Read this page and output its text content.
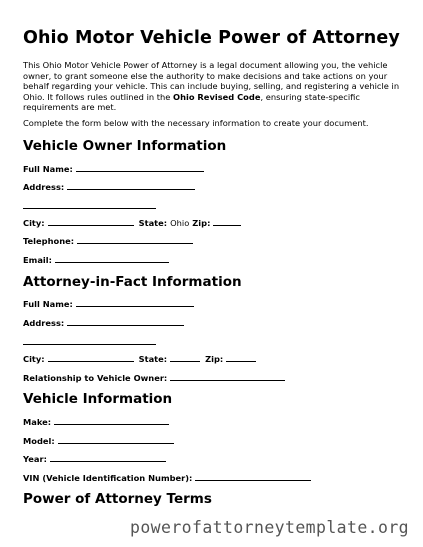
Ohio Motor Vehicle Power of Attorney

This Ohio Motor Vehicle Power of Attorney is a legal document allowing you, the vehicle owner, to grant someone else the authority to make decisions and take actions on your behalf regarding your vehicle. This can include buying, selling, and registering a vehicle in Ohio. It follows rules outlined in the Ohio Revised Code, ensuring state-specific requirements are met.

Complete the form below with the necessary information to create your document.

Vehicle Owner Information
Full Name:
Address:
City:	State: Ohio Zip:
Telephone:
Email:
Attorney-in-Fact Information
Full Name:
Address:
City:	State:	Zip:
Relationship to Vehicle Owner:
Vehicle Information
Make:
Model:
Year:
VIN (Vehicle Identification Number):
Power of Attorney Terms
powerofattorneytemplate.org
